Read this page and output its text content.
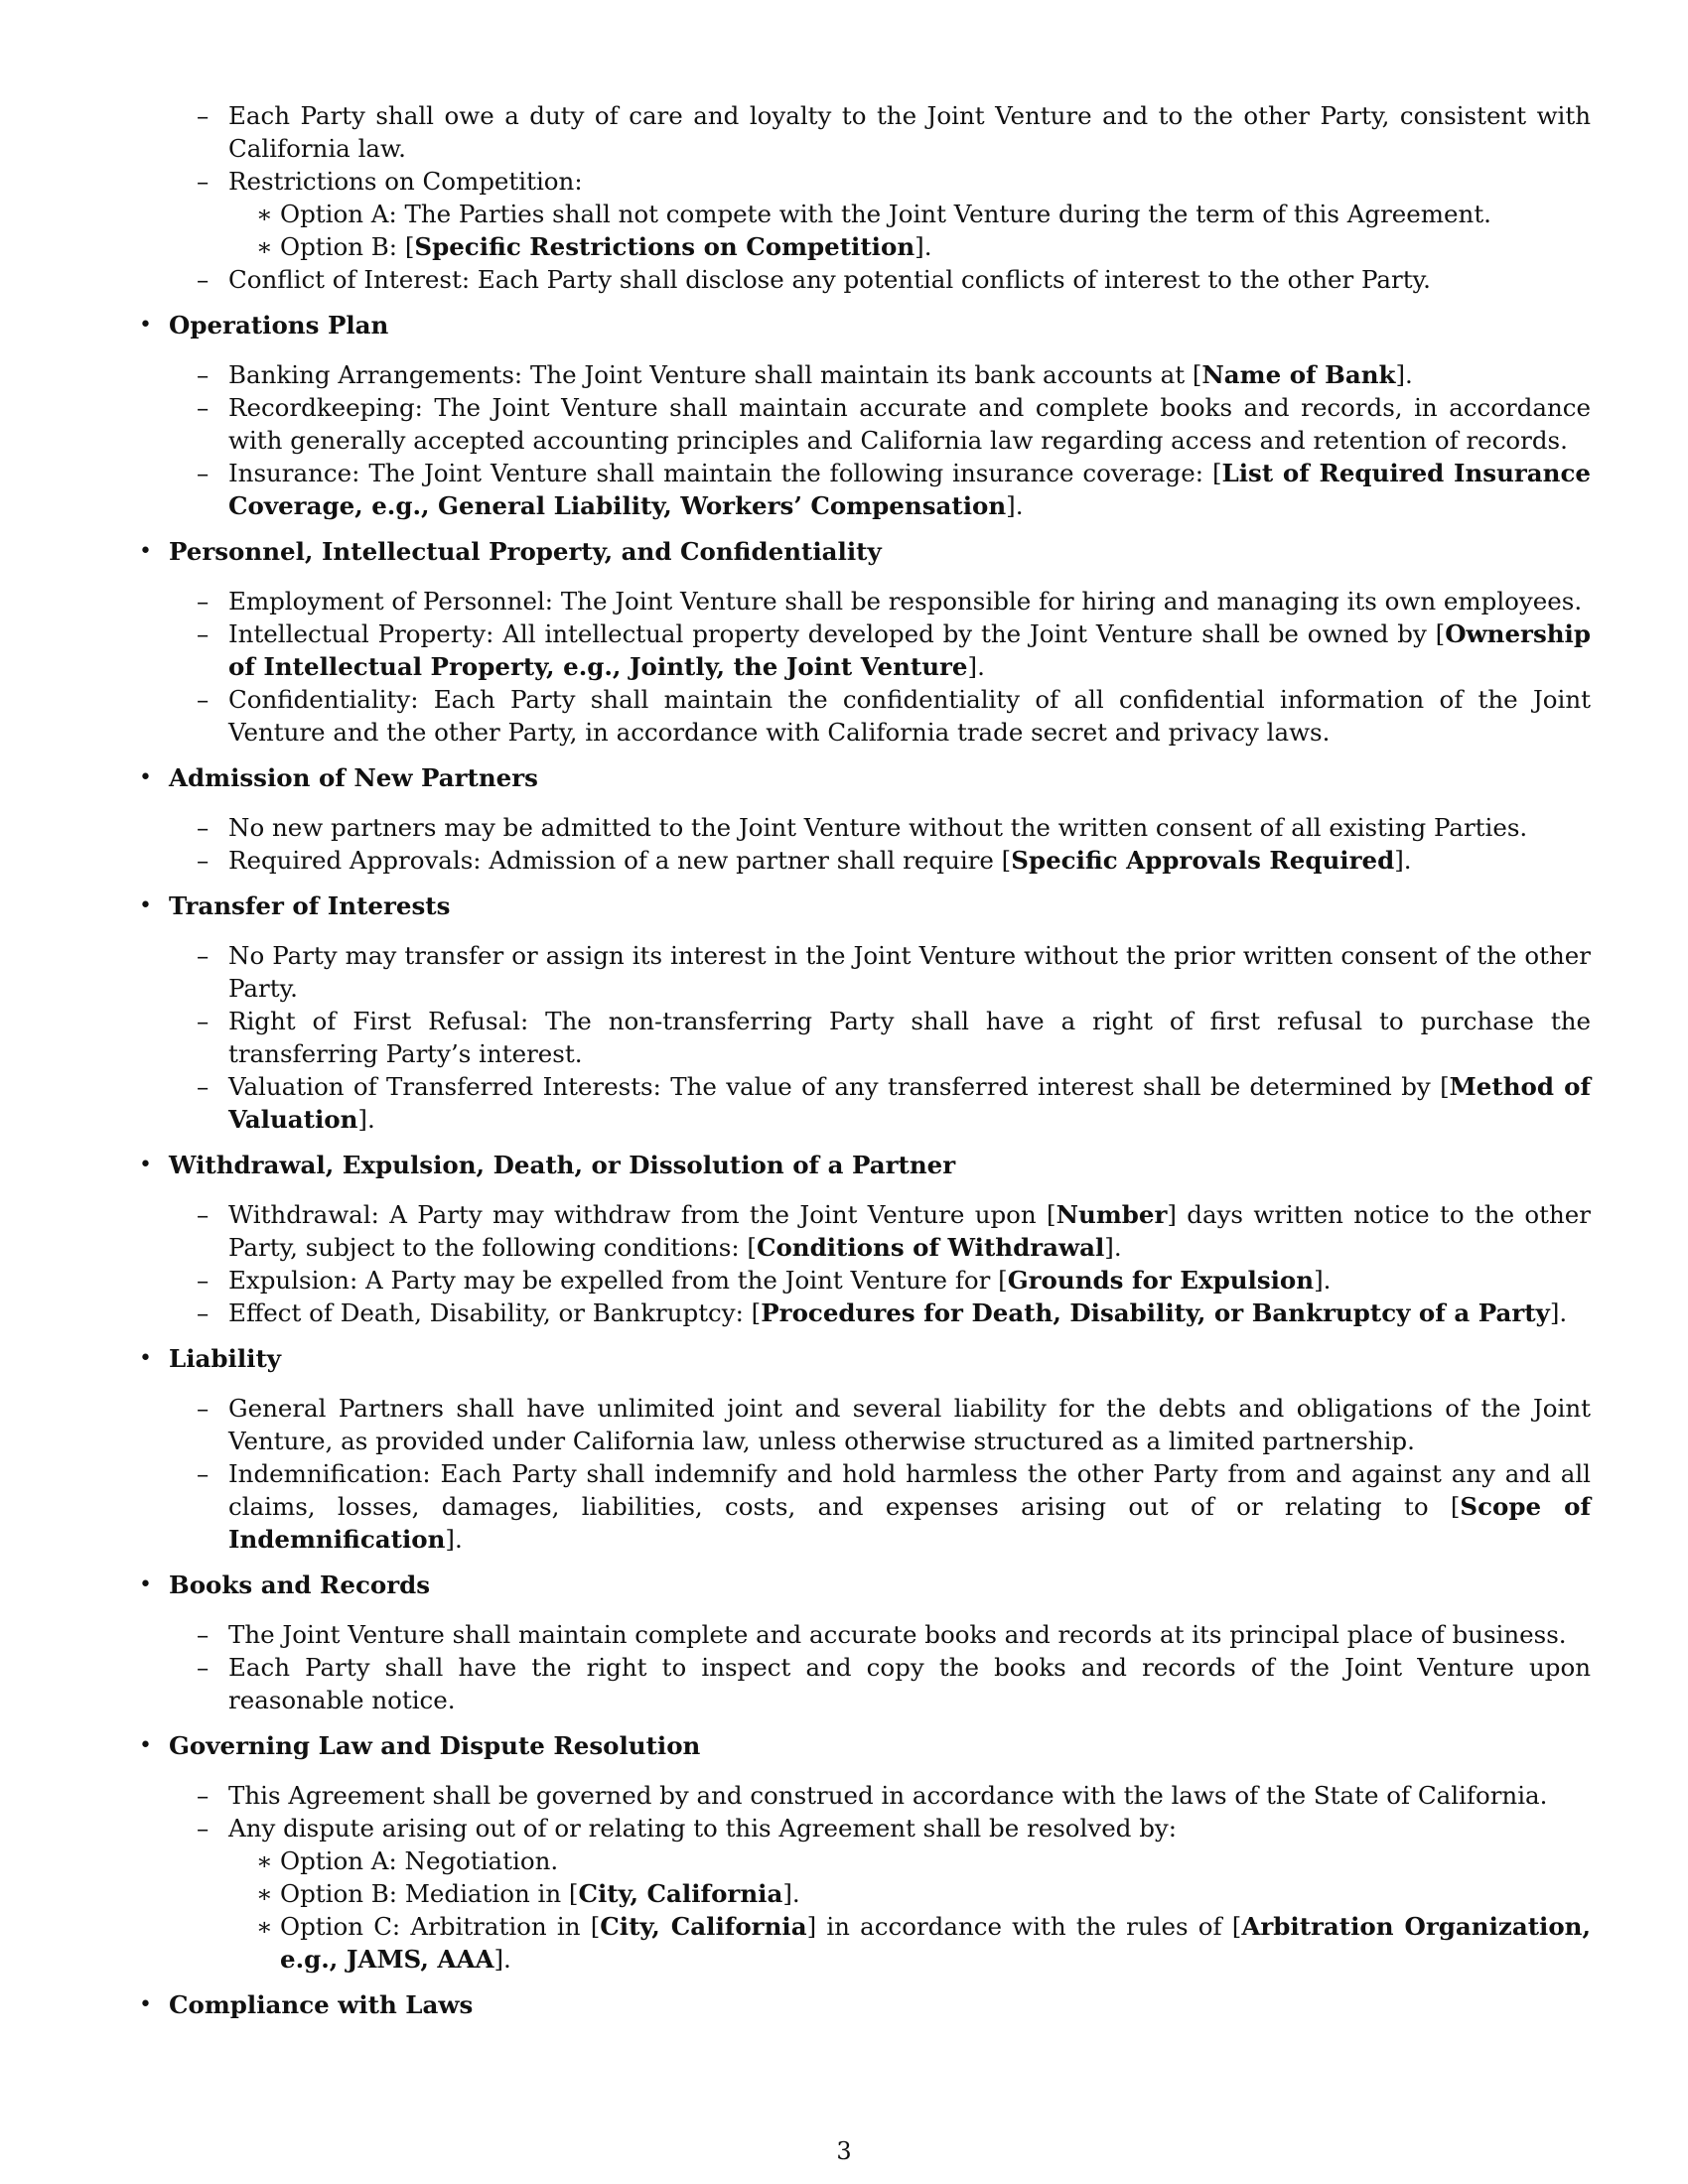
– Each Party shall owe a duty of care and loyalty to the Joint Venture and to the other Party, consistent with California law.
– Restrictions on Competition:
∗ Option A: The Parties shall not compete with the Joint Venture during the term of this Agreement.
∗ Option B: [Specific Restrictions on Competition].
– Conflict of Interest: Each Party shall disclose any potential conflicts of interest to the other Party.
• Operations Plan
– Banking Arrangements: The Joint Venture shall maintain its bank accounts at [Name of Bank].
– Recordkeeping: The Joint Venture shall maintain accurate and complete books and records, in accordance with generally accepted accounting principles and California law regarding access and retention of records.
– Insurance: The Joint Venture shall maintain the following insurance coverage: [List of Required Insurance Coverage, e.g., General Liability, Workers’ Compensation].
• Personnel, Intellectual Property, and Confidentiality
– Employment of Personnel: The Joint Venture shall be responsible for hiring and managing its own employees.
– Intellectual Property: All intellectual property developed by the Joint Venture shall be owned by [Ownership of Intellectual Property, e.g., Jointly, the Joint Venture].
– Confidentiality: Each Party shall maintain the confidentiality of all confidential information of the Joint Venture and the other Party, in accordance with California trade secret and privacy laws.
• Admission of New Partners
– No new partners may be admitted to the Joint Venture without the written consent of all existing Parties.
– Required Approvals: Admission of a new partner shall require [Specific Approvals Required].
• Transfer of Interests
– No Party may transfer or assign its interest in the Joint Venture without the prior written consent of the other Party.
– Right of First Refusal: The non-transferring Party shall have a right of first refusal to purchase the transferring Party’s interest.
– Valuation of Transferred Interests: The value of any transferred interest shall be determined by [Method of Valuation].
• Withdrawal, Expulsion, Death, or Dissolution of a Partner
– Withdrawal: A Party may withdraw from the Joint Venture upon [Number] days written notice to the other Party, subject to the following conditions: [Conditions of Withdrawal].
– Expulsion: A Party may be expelled from the Joint Venture for [Grounds for Expulsion].
– Effect of Death, Disability, or Bankruptcy: [Procedures for Death, Disability, or Bankruptcy of a Party].
• Liability
– General Partners shall have unlimited joint and several liability for the debts and obligations of the Joint Venture, as provided under California law, unless otherwise structured as a limited partnership.
– Indemnification: Each Party shall indemnify and hold harmless the other Party from and against any and all claims, losses, damages, liabilities, costs, and expenses arising out of or relating to [Scope of Indemnification].
• Books and Records
– The Joint Venture shall maintain complete and accurate books and records at its principal place of business.
– Each Party shall have the right to inspect and copy the books and records of the Joint Venture upon reasonable notice.
• Governing Law and Dispute Resolution
– This Agreement shall be governed by and construed in accordance with the laws of the State of California.
– Any dispute arising out of or relating to this Agreement shall be resolved by:
∗ Option A: Negotiation.
∗ Option B: Mediation in [City, California].
∗ Option C: Arbitration in [City, California] in accordance with the rules of [Arbitration Organization, e.g., JAMS, AAA].
• Compliance with Laws
3
